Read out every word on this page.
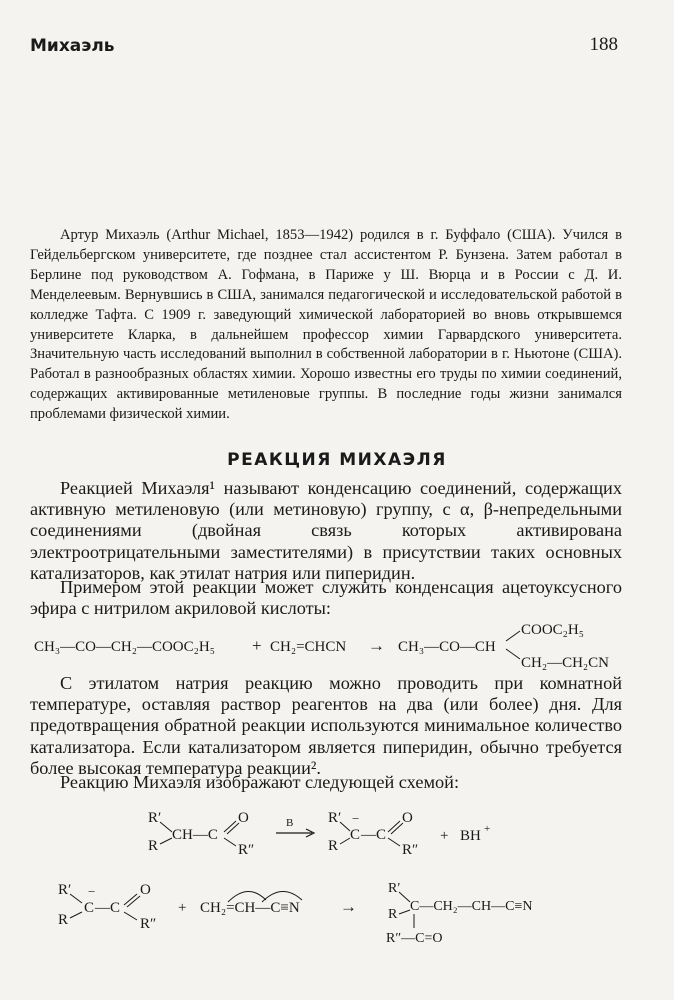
Михаэль	188

Артур Михаэль (Arthur Michael, 1853—1942) родился в г. Буффало (США). Учился в Гейдельбергском университете, где позднее стал ассистентом Р. Бунзена. Затем работал в Берлине под руководством А. Гофмана, в Париже у Ш. Вюрца и в России с Д. И. Менделеевым. Вернувшись в США, занимался педагогической и исследовательской работой в колледже Тафта. С 1909 г. заведующий химической лабораторией во вновь открывшемся университете Кларка, в дальнейшем профессор химии Гарвардского университета. Значительную часть исследований выполнил в собственной лаборатории в г. Ньютоне (США). Работал в разнообразных областях химии. Хорошо известны его труды по химии соединений, содержащих активированные метиленовые группы. В последние годы жизни занимался проблемами физической химии.

РЕАКЦИЯ МИХАЭЛЯ

Реакцией Михаэля¹ называют конденсацию соединений, содержащих активную метиленовую (или метиновую) группу, с α, β-непредельными соединениями (двойная связь которых активирована электроотрицательными заместителями) в присутствии таких основных катализаторов, как этилат натрия или пиперидин.

Примером этой реакции может служить конденсация ацетоуксусного эфира с нитрилом акриловой кислоты:

CH₃—CO—CH₂—COOC₂H₅ + CH₂=CHCN → CH₃—CO—CH
COOC₂H₅
CH₂—CH₂CN

С этилатом натрия реакцию можно проводить при комнатной температуре, оставляя раствор реагентов на два (или более) дня. Для предотвращения обратной реакции используются минимальное количество катализатора. Если катализатором является пиперидин, обычно требуется более высокая температура реакции².

Реакцию Михаэля изображают следующей схемой:

R′
R
CH—C
O
R″
B R′
R
−
C —C
O
R″
+ BH +
R′
R
−
C —C
O
R″
+ CH₂=CH—C≡N →
R′
R
C—CH₂—CH—C≡N
R″—C=O
